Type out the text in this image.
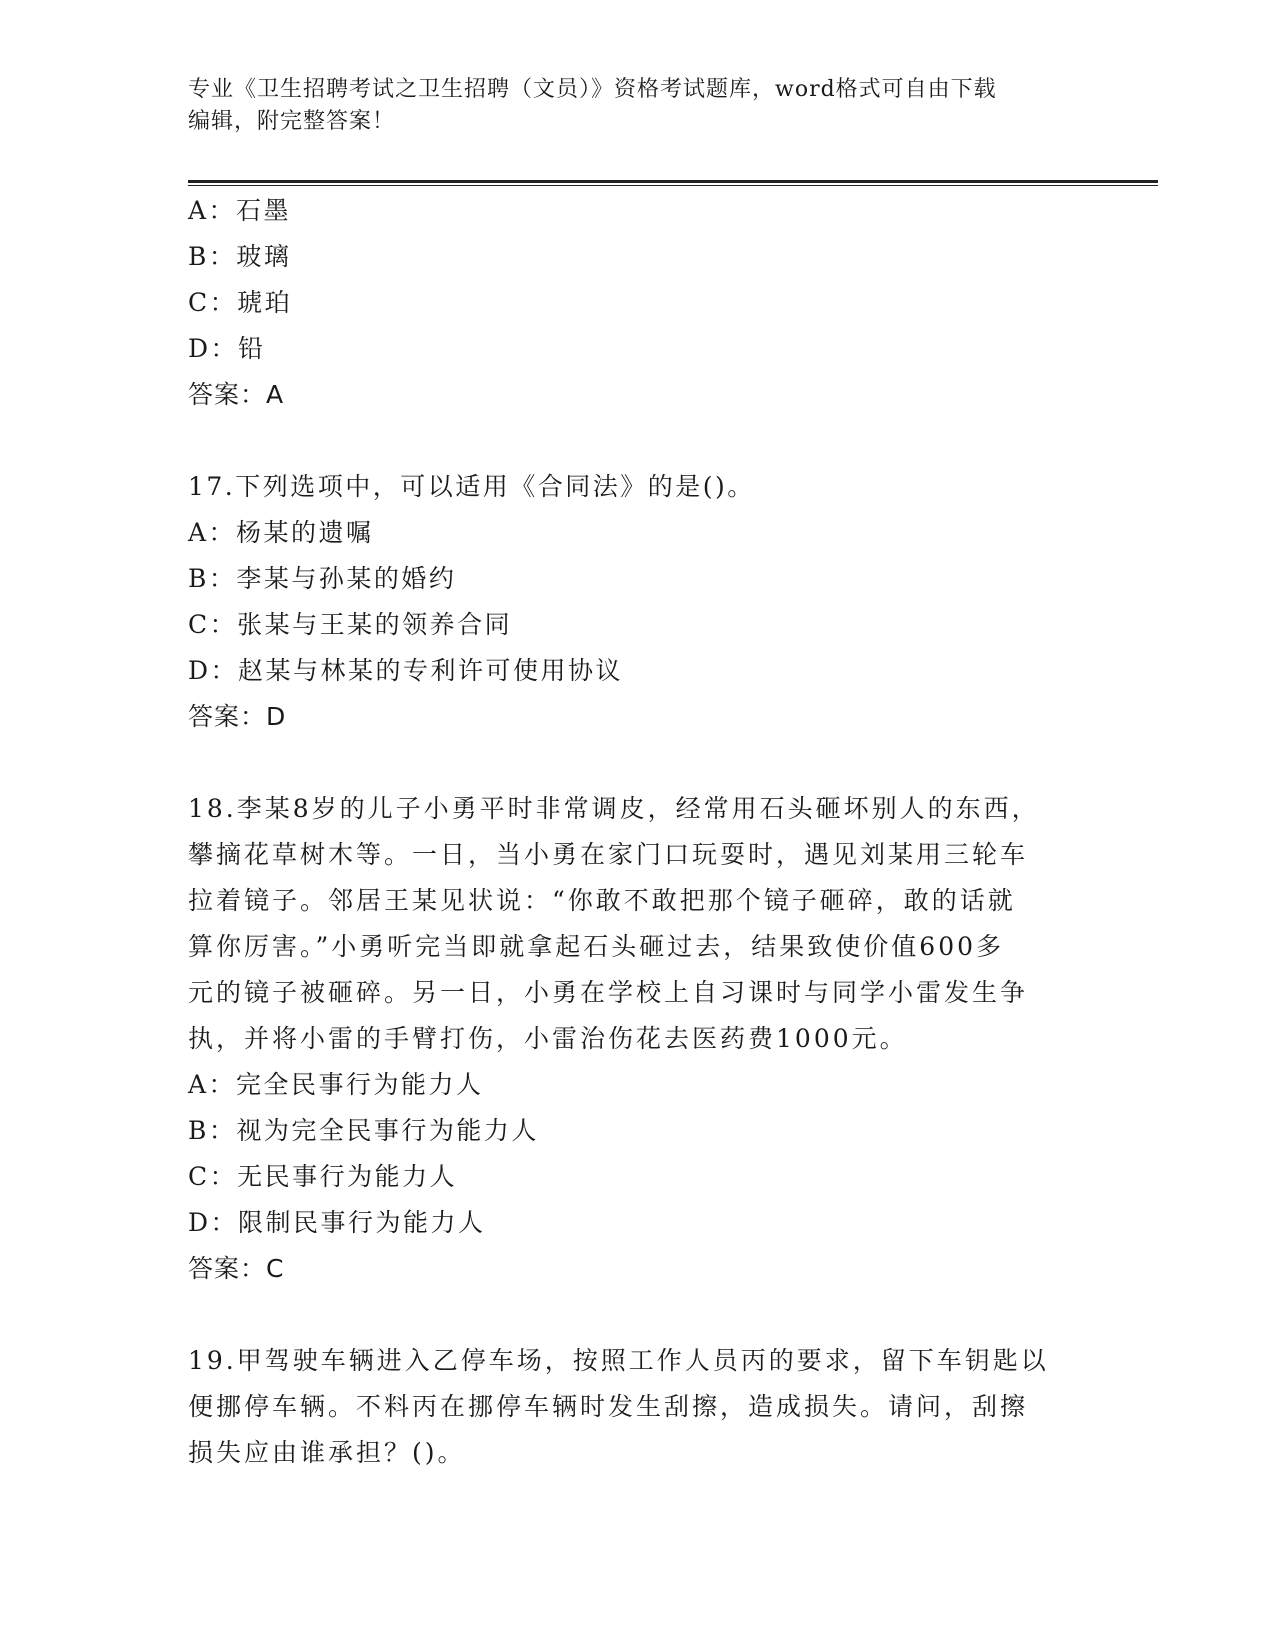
专业《卫生招聘考试之卫生招聘（文员）》资格考试题库，word格式可自由下载
编辑，附完整答案！
A：石墨
B：玻璃
C：琥珀
D：铅
答案：A
17.下列选项中，可以适用《合同法》的是()。
A：杨某的遗嘱
B：李某与孙某的婚约
C：张某与王某的领养合同
D：赵某与林某的专利许可使用协议
答案：D
18.李某8岁的儿子小勇平时非常调皮，经常用石头砸坏别人的东西，
攀摘花草树木等。一日，当小勇在家门口玩耍时，遇见刘某用三轮车
拉着镜子。邻居王某见状说：“你敢不敢把那个镜子砸碎，敢的话就
算你厉害。”小勇听完当即就拿起石头砸过去，结果致使价值600多
元的镜子被砸碎。另一日，小勇在学校上自习课时与同学小雷发生争
执，并将小雷的手臂打伤，小雷治伤花去医药费1000元。
A：完全民事行为能力人
B：视为完全民事行为能力人
C：无民事行为能力人
D：限制民事行为能力人
答案：C
19.甲驾驶车辆进入乙停车场，按照工作人员丙的要求，留下车钥匙以
便挪停车辆。不料丙在挪停车辆时发生刮擦，造成损失。请问，刮擦
损失应由谁承担？()。
